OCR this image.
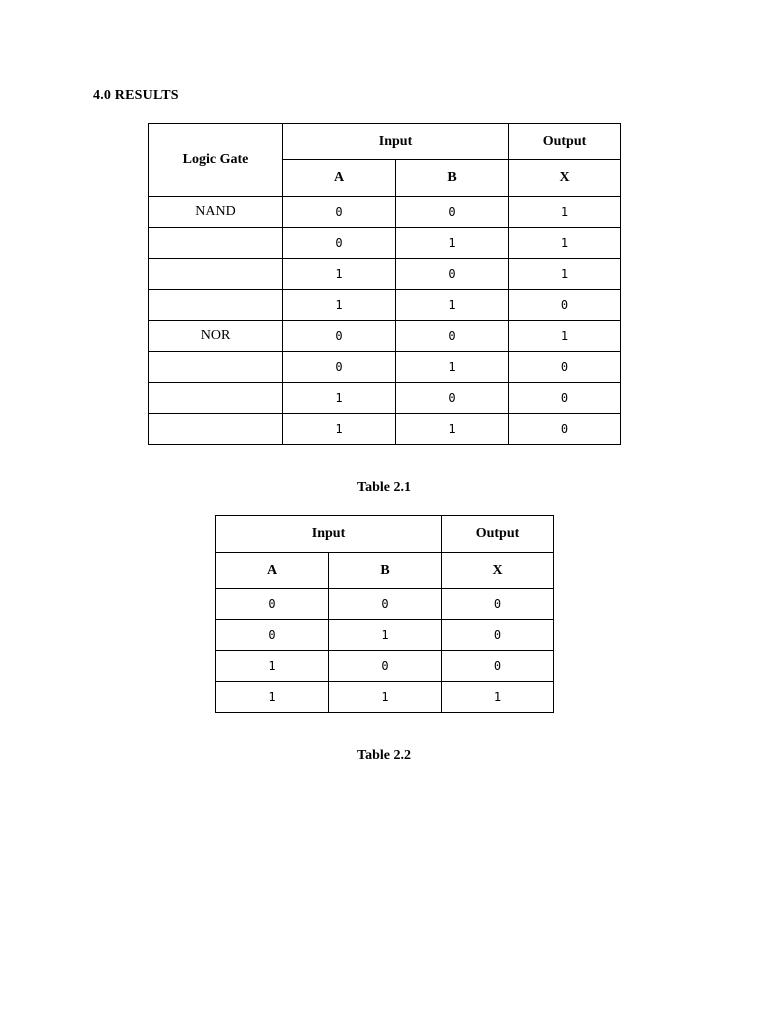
4.0 RESULTS
Logic Gate	Input		Output
	A	B	X
NAND	0	0	1
	0	1	1
	1	0	1
	1	1	0
NOR	0	0	1
	0	1	0
	1	0	0
	1	1	0
Table 2.1
Input		Output
A	B	X
0	0	0
0	1	0
1	0	0
1	1	1
Table 2.2
